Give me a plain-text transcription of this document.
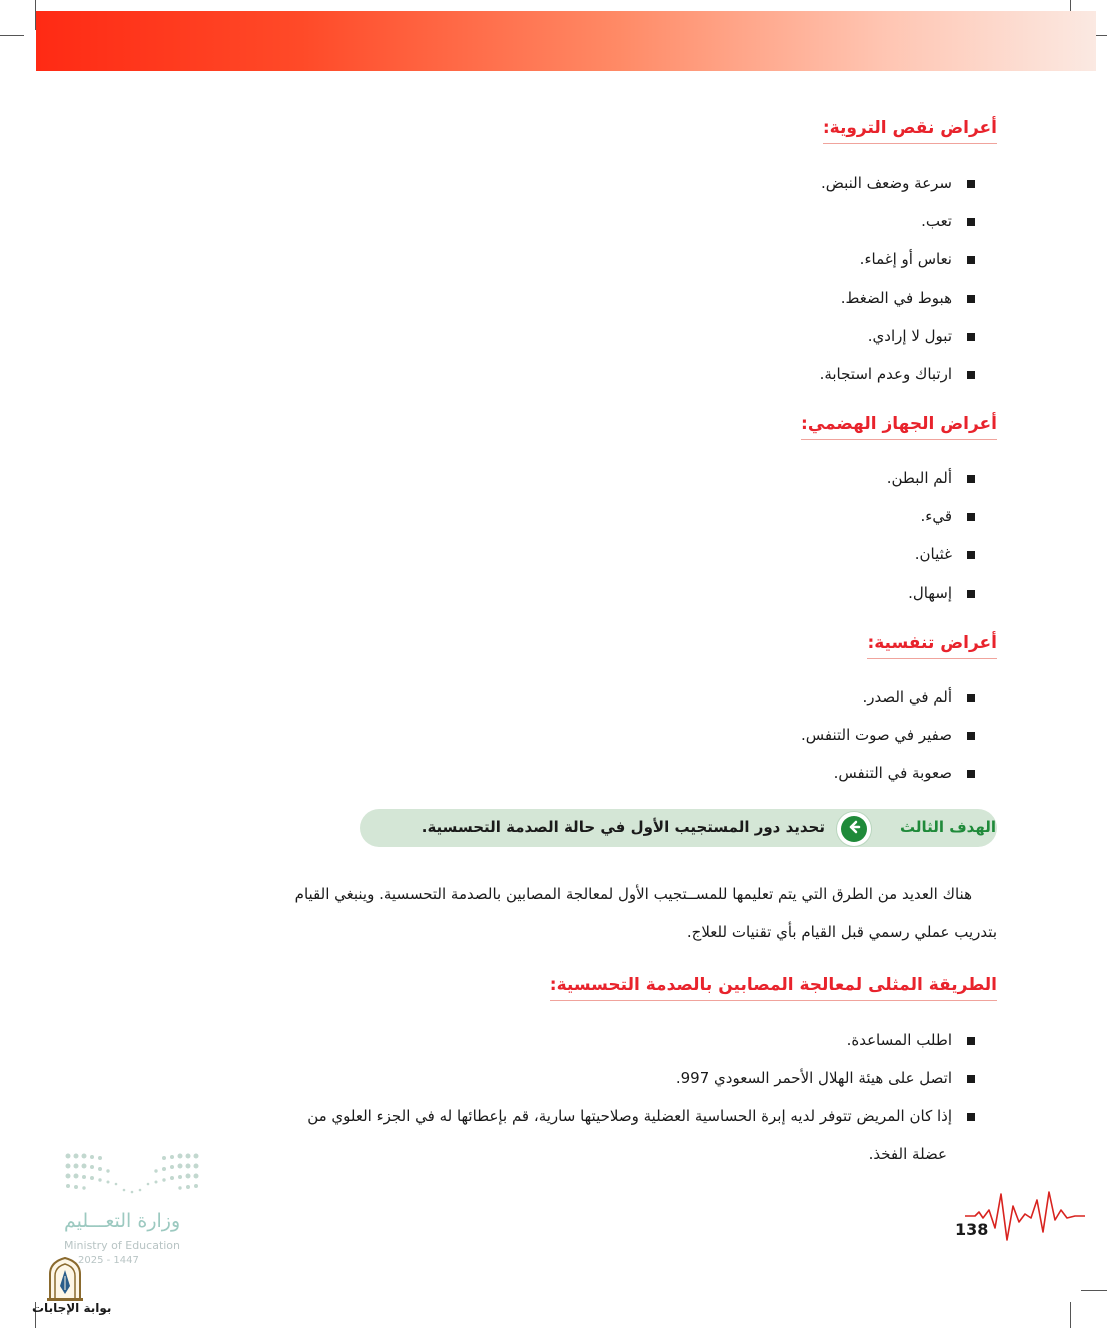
أعراض نقص التروية:
سرعة وضعف النبض.
تعب.
نعاس أو إغماء.
هبوط في الضغط.
تبول لا إرادي.
ارتباك وعدم استجابة.
أعراض الجهاز الهضمي:
ألم البطن.
قيء.
غثيان.
إسهال.
أعراض تنفسية:
ألم في الصدر.
صفير في صوت التنفس.
صعوبة في التنفس.
الهدف الثالث
تحديد دور المستجيب الأول في حالة الصدمة التحسسية.
هناك العديد من الطرق التي يتم تعليمها للمســتجيب الأول لمعالجة المصابين بالصدمة التحسسية. وينبغي القيام
بتدريب عملي رسمي قبل القيام بأي تقنيات للعلاج.
الطريقة المثلى لمعالجة المصابين بالصدمة التحسسية:
اطلب المساعدة.
اتصل على هيئة الهلال الأحمر السعودي 997.
إذا كان المريض تتوفر لديه إبرة الحساسية العضلية وصلاحيتها سارية، قم بإعطائها له في الجزء العلوي من
عضلة الفخذ.
وزارة التعـــليم
Ministry of Education
2025 - 1447
بوابة الإجابات
138
